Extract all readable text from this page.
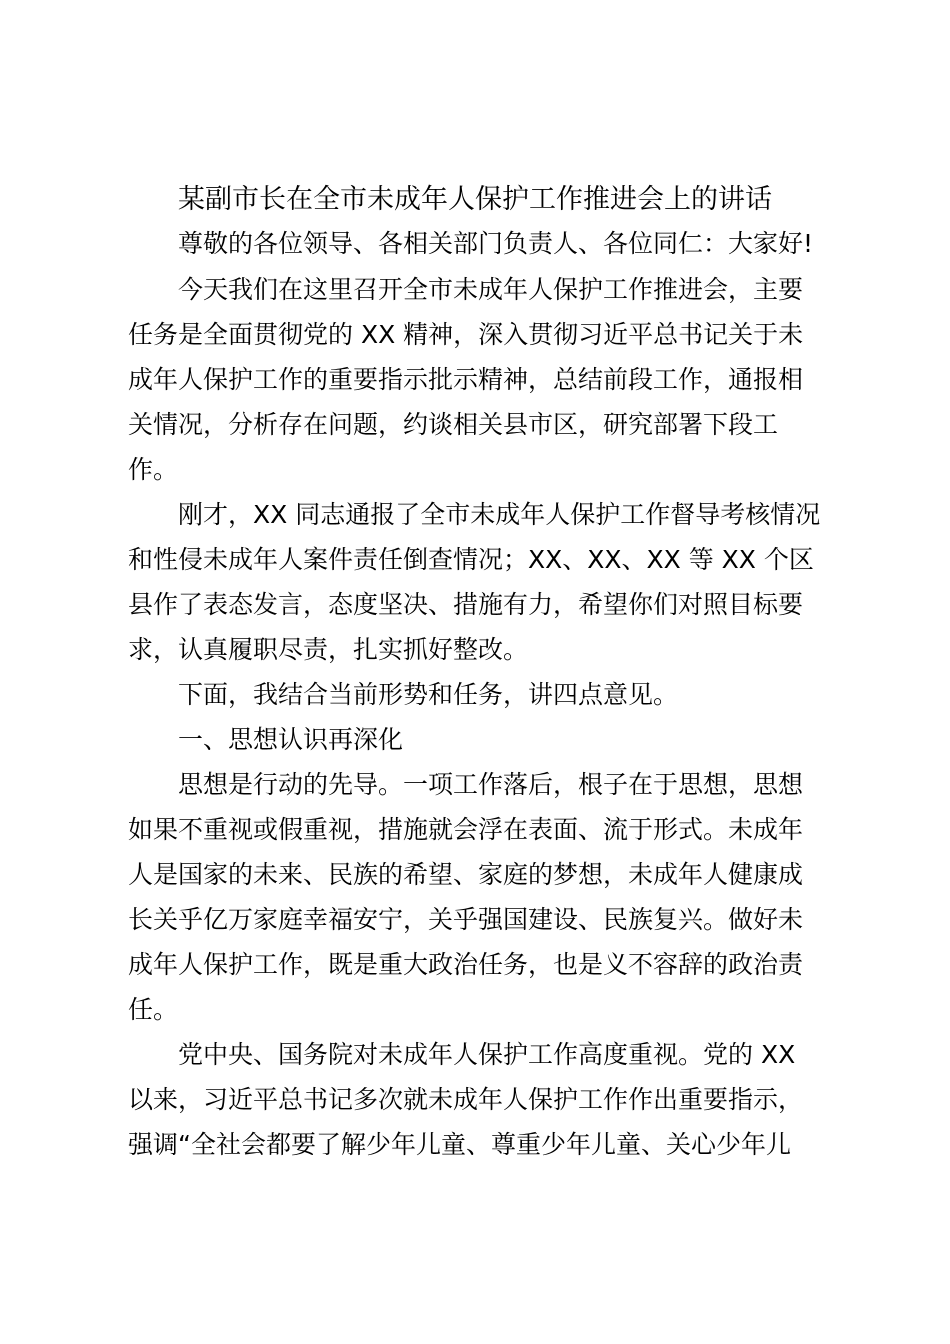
某副市长在全市未成年人保护工作推进会上的讲话
尊敬的各位领导、各相关部门负责人、各位同仁：大家好!
今天我们在这里召开全市未成年人保护工作推进会，主要
任务是全面贯彻党的 XX 精神，深入贯彻习近平总书记关于未
成年人保护工作的重要指示批示精神，总结前段工作，通报相
关情况，分析存在问题，约谈相关县市区，研究部署下段工
作。
刚才，XX 同志通报了全市未成年人保护工作督导考核情况
和性侵未成年人案件责任倒查情况；XX、XX、XX 等 XX 个区
县作了表态发言，态度坚决、措施有力，希望你们对照目标要
求，认真履职尽责，扎实抓好整改。
下面，我结合当前形势和任务，讲四点意见。
一、思想认识再深化
思想是行动的先导。一项工作落后，根子在于思想，思想
如果不重视或假重视，措施就会浮在表面、流于形式。未成年
人是国家的未来、民族的希望、家庭的梦想，未成年人健康成
长关乎亿万家庭幸福安宁，关乎强国建设、民族复兴。做好未
成年人保护工作，既是重大政治任务，也是义不容辞的政治责
任。
党中央、国务院对未成年人保护工作高度重视。党的 XX
以来，习近平总书记多次就未成年人保护工作作出重要指示，
强调“全社会都要了解少年儿童、尊重少年儿童、关心少年儿
